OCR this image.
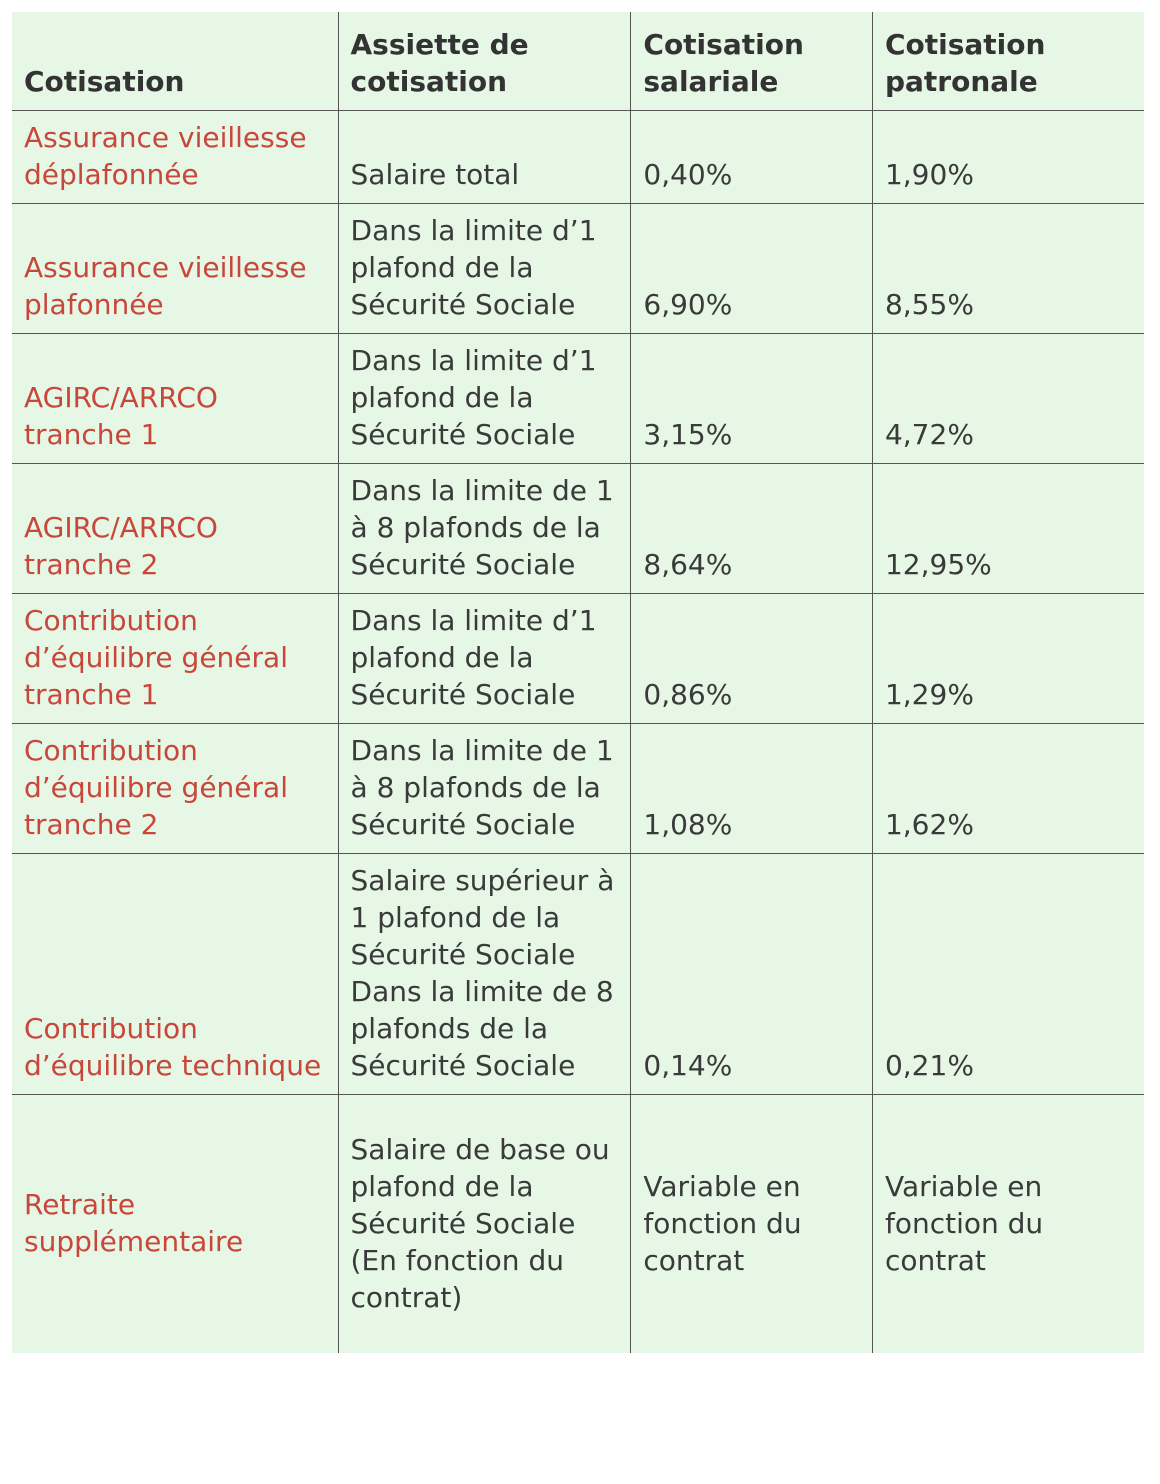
Cotisation	Assiette de cotisation	Cotisation salariale	Cotisation patronale
Assurance vieillesse déplafonnée	Salaire total	0,40%	1,90%
Assurance vieillesse plafonnée	Dans la limite d’1 plafond de la Sécurité Sociale	6,90%	8,55%
AGIRC/ARRCO tranche 1	Dans la limite d’1 plafond de la Sécurité Sociale	3,15%	4,72%
AGIRC/ARRCO tranche 2	Dans la limite de 1 à 8 plafonds de la Sécurité Sociale	8,64%	12,95%
Contribution d’équilibre général tranche 1	Dans la limite d’1 plafond de la Sécurité Sociale	0,86%	1,29%
Contribution d’équilibre général tranche 2	Dans la limite de 1 à 8 plafonds de la Sécurité Sociale	1,08%	1,62%
Contribution d’équilibre technique	Salaire supérieur à 1 plafond de la Sécurité Sociale Dans la limite de 8 plafonds de la Sécurité Sociale	0,14%	0,21%
Retraite supplémentaire	Salaire de base ou plafond de la Sécurité Sociale (En fonction du contrat)	Variable en fonction du contrat	Variable en fonction du contrat
